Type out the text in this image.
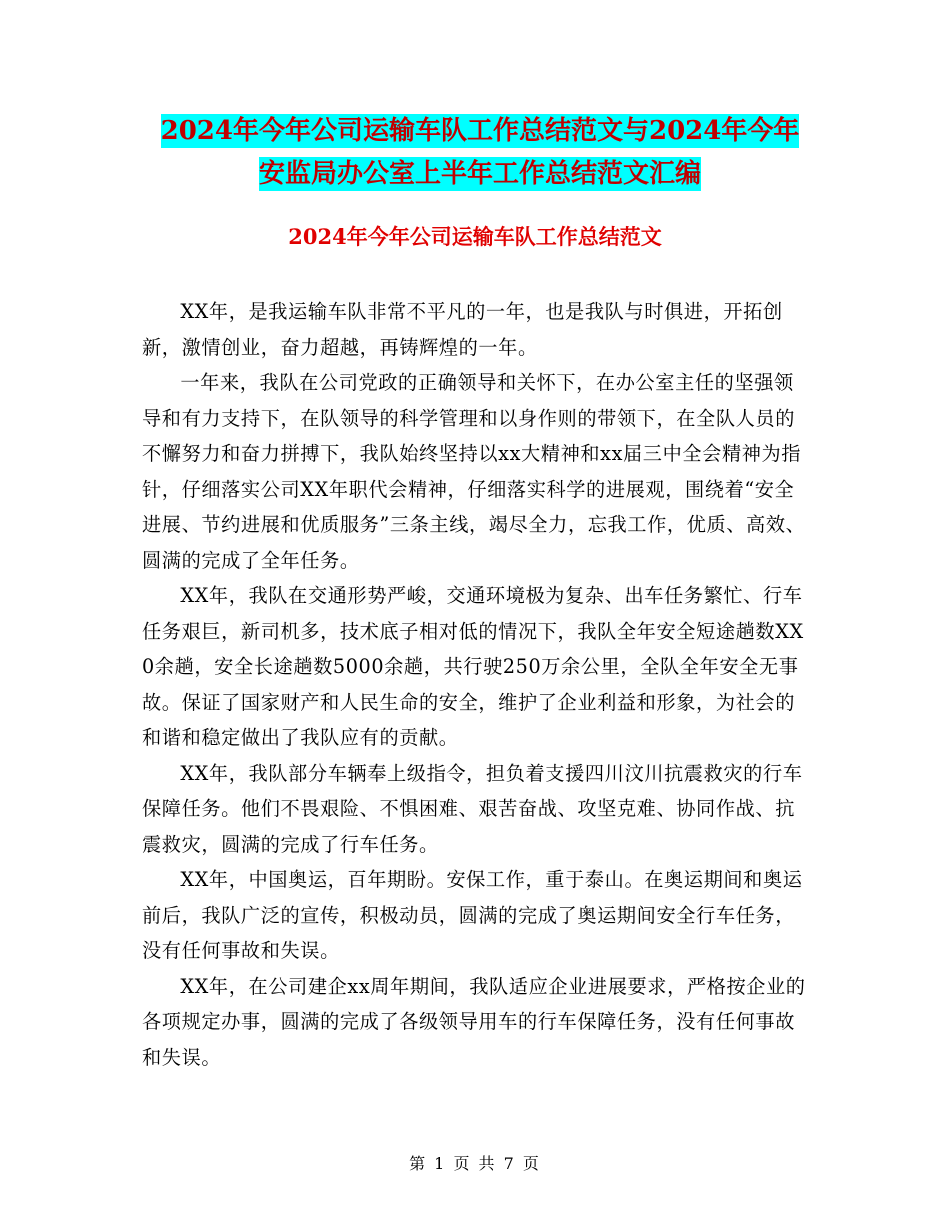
2024年今年公司运输车队工作总结范文与2024年今年
安监局办公室上半年工作总结范文汇编
2024年今年公司运输车队工作总结范文

XX年，是我运输车队非常不平凡的一年，也是我队与时俱进，开拓创新，激情创业，奋力超越，再铸辉煌的一年。

一年来，我队在公司党政的正确领导和关怀下，在办公室主任的坚强领导和有力支持下，在队领导的科学管理和以身作则的带领下，在全队人员的不懈努力和奋力拼搏下，我队始终坚持以xx大精神和xx届三中全会精神为指针，仔细落实公司XX年职代会精神，仔细落实科学的进展观，围绕着“安全进展、节约进展和优质服务”三条主线，竭尽全力，忘我工作，优质、高效、圆满的完成了全年任务。

XX年，我队在交通形势严峻，交通环境极为复杂、出车任务繁忙、行车任务艰巨，新司机多，技术底子相对低的情况下，我队全年安全短途趟数XX0余趟，安全长途趟数5000余趟，共行驶250万余公里，全队全年安全无事故。保证了国家财产和人民生命的安全，维护了企业利益和形象，为社会的和谐和稳定做出了我队应有的贡献。

XX年，我队部分车辆奉上级指令，担负着支援四川汶川抗震救灾的行车保障任务。他们不畏艰险、不惧困难、艰苦奋战、攻坚克难、协同作战、抗震救灾，圆满的完成了行车任务。

XX年，中国奥运，百年期盼。安保工作，重于泰山。在奥运期间和奥运前后，我队广泛的宣传，积极动员，圆满的完成了奥运期间安全行车任务，没有任何事故和失误。

XX年，在公司建企xx周年期间，我队适应企业进展要求，严格按企业的各项规定办事，圆满的完成了各级领导用车的行车保障任务，没有任何事故和失误。

第 1 页 共 7 页
